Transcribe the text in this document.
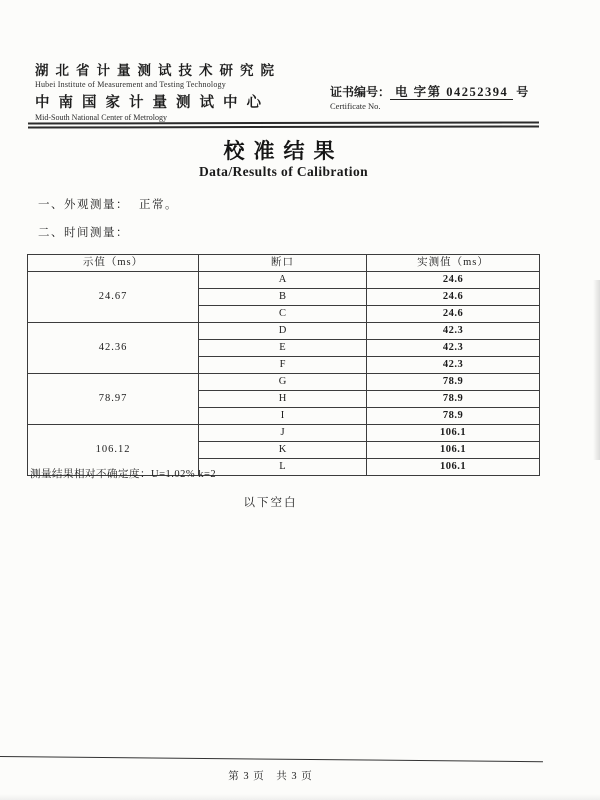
湖北省计量测试技术研究院
Hubei Institute of Measurement and Testing Technology
中南国家计量测试中心
Mid-South National Center of Metrology
证书编号： 电 字第 04252394 号
Certificate No.
校准结果
Data/Results of Calibration
一、外观测量： 正常。
二、时间测量：
示值（ms）	断口	实测值（ms）
24.67	A	24.6
	B	24.6
	C	24.6
42.36	D	42.3
	E	42.3
	F	42.3
78.97	G	78.9
	H	78.9
	I	78.9
106.12	J	106.1
	K	106.1
	L	106.1
测量结果相对不确定度：U=1.02% k=2
以下空白
第 3 页　共 3 页
